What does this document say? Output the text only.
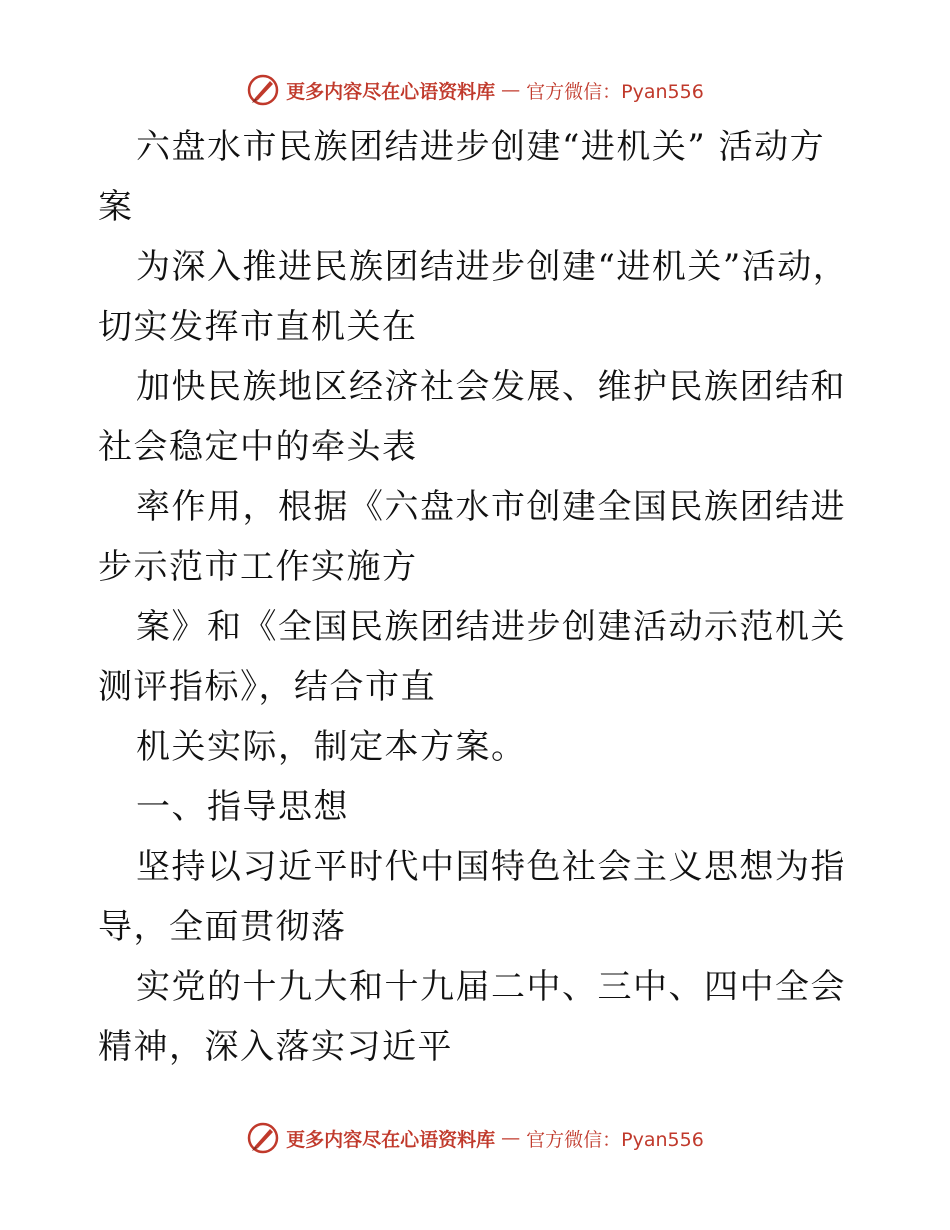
更多内容尽在心语资料库 — 官方微信：Pyan556

六盘水市民族团结进步创建“进机关” 活动方案

为深入推进民族团结进步创建“进机关”活动，切实发挥市直机关在

加快民族地区经济社会发展、维护民族团结和社会稳定中的牵头表

率作用，根据《六盘水市创建全国民族团结进步示范市工作实施方

案》和《全国民族团结进步创建活动示范机关测评指标》，结合市直

机关实际，制定本方案。

一、指导思想

坚持以习近平时代中国特色社会主义思想为指导，全面贯彻落

实党的十九大和十九届二中、三中、四中全会精神，深入落实习近平

更多内容尽在心语资料库 — 官方微信：Pyan556
